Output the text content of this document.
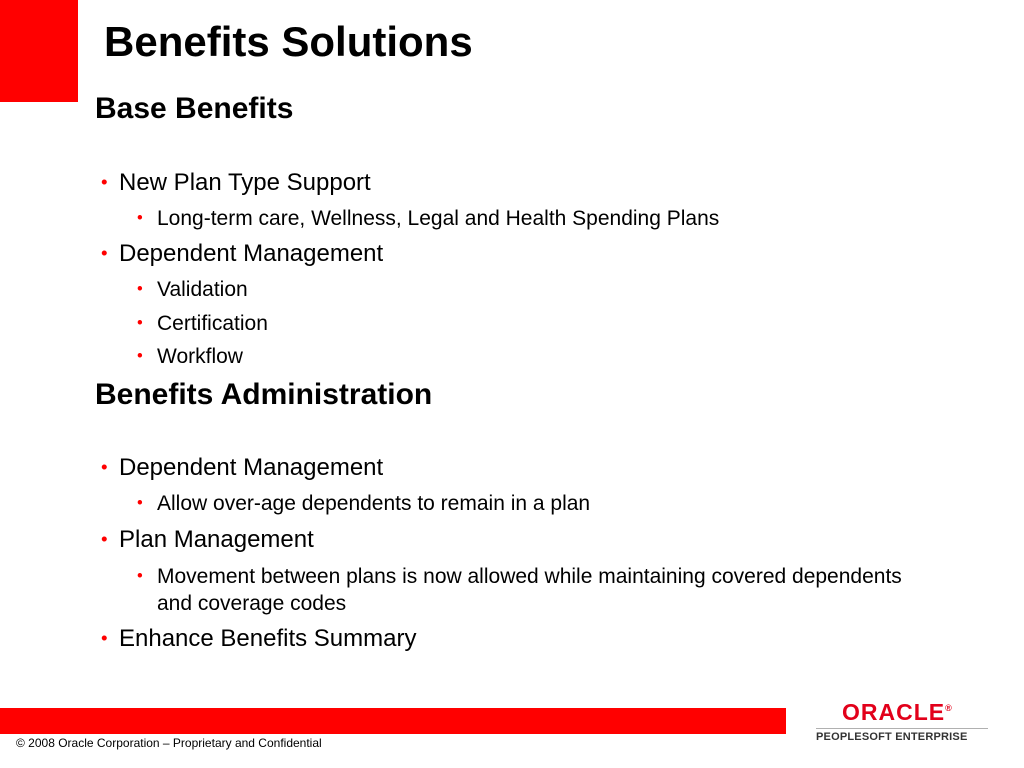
Benefits Solutions
Base Benefits
• New Plan Type Support
• Long-term care, Wellness, Legal and Health Spending Plans
• Dependent Management
• Validation
• Certification
• Workflow
Benefits Administration
• Dependent Management
• Allow over-age dependents to remain in a plan
• Plan Management
• Movement between plans is now allowed while maintaining covered dependents and coverage codes
• Enhance Benefits Summary
© 2008 Oracle Corporation – Proprietary and Confidential
ORACLE®
PEOPLESOFT ENTERPRISE
